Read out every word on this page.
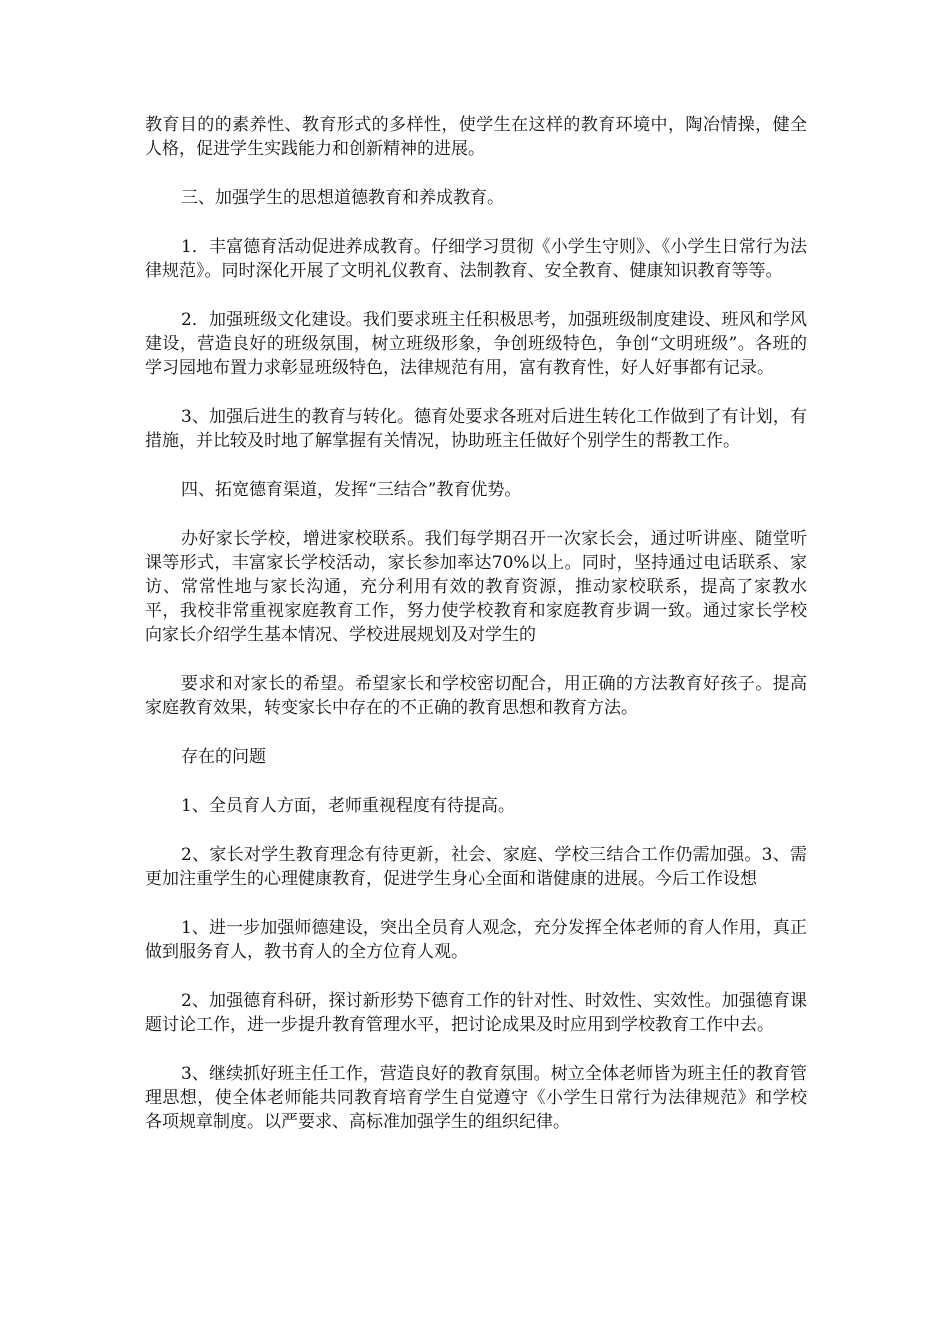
教育目的的素养性、教育形式的多样性，使学生在这样的教育环境中，陶冶情操，健全人格，促进学生实践能力和创新精神的进展。

三、加强学生的思想道德教育和养成教育。

1．丰富德育活动促进养成教育。仔细学习贯彻《小学生守则》、《小学生日常行为法律规范》。同时深化开展了文明礼仪教育、法制教育、安全教育、健康知识教育等等。

2．加强班级文化建设。我们要求班主任积极思考，加强班级制度建设、班风和学风建设，营造良好的班级氛围，树立班级形象，争创班级特色，争创“文明班级”。各班的学习园地布置力求彰显班级特色，法律规范有用，富有教育性，好人好事都有记录。

3、加强后进生的教育与转化。德育处要求各班对后进生转化工作做到了有计划，有措施，并比较及时地了解掌握有关情况，协助班主任做好个别学生的帮教工作。

四、拓宽德育渠道，发挥“三结合”教育优势。

办好家长学校，增进家校联系。我们每学期召开一次家长会，通过听讲座、随堂听课等形式，丰富家长学校活动，家长参加率达70%以上。同时，坚持通过电话联系、家访、常常性地与家长沟通，充分利用有效的教育资源，推动家校联系，提高了家教水平，我校非常重视家庭教育工作，努力使学校教育和家庭教育步调一致。通过家长学校向家长介绍学生基本情况、学校进展规划及对学生的

要求和对家长的希望。希望家长和学校密切配合，用正确的方法教育好孩子。提高家庭教育效果，转变家长中存在的不正确的教育思想和教育方法。

存在的问题

1、全员育人方面，老师重视程度有待提高。

2、家长对学生教育理念有待更新，社会、家庭、学校三结合工作仍需加强。3、需更加注重学生的心理健康教育，促进学生身心全面和谐健康的进展。今后工作设想

1、进一步加强师德建设，突出全员育人观念，充分发挥全体老师的育人作用，真正做到服务育人，教书育人的全方位育人观。

2、加强德育科研，探讨新形势下德育工作的针对性、时效性、实效性。加强德育课题讨论工作，进一步提升教育管理水平，把讨论成果及时应用到学校教育工作中去。

3、继续抓好班主任工作，营造良好的教育氛围。树立全体老师皆为班主任的教育管理思想，使全体老师能共同教育培育学生自觉遵守《小学生日常行为法律规范》和学校各项规章制度。以严要求、高标准加强学生的组织纪律。
